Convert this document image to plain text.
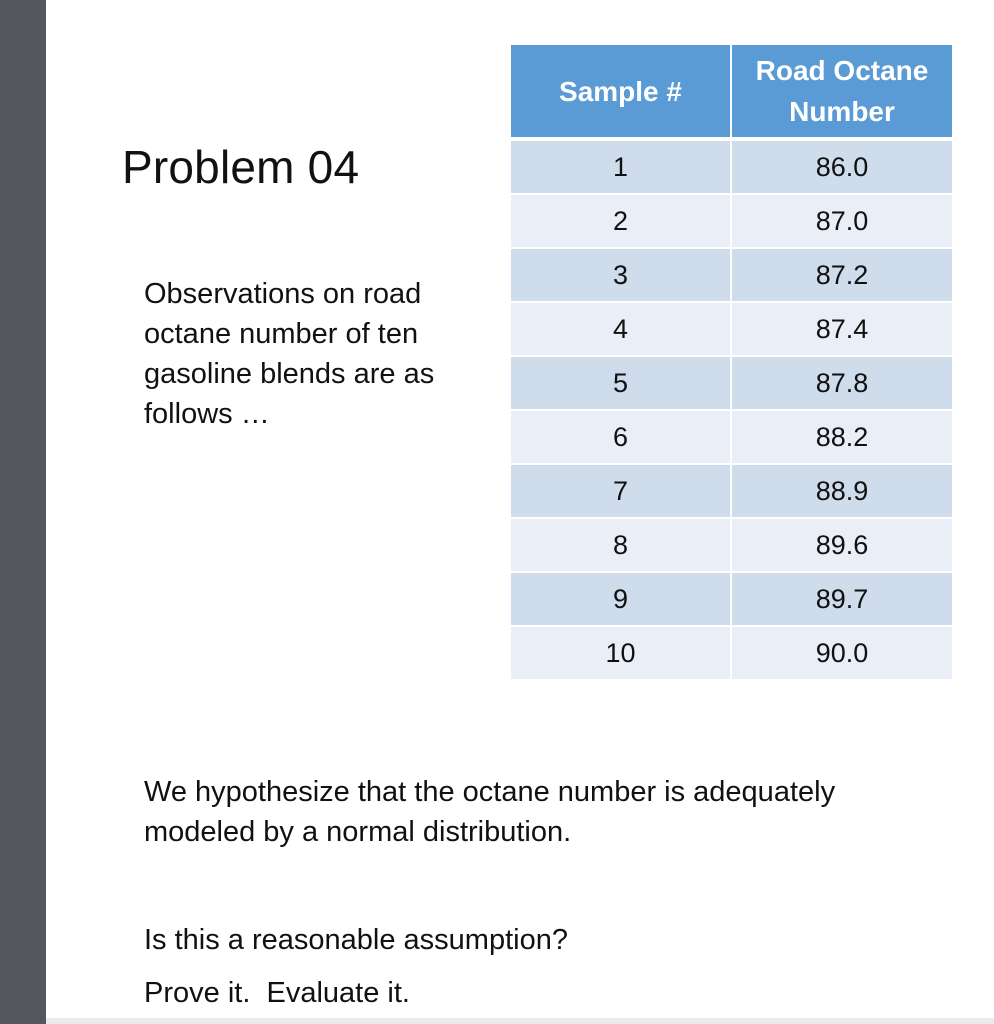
Problem 04
Observations on road octane number of ten gasoline blends are as follows …
Sample #	Road Octane Number
1	86.0
2	87.0
3	87.2
4	87.4
5	87.8
6	88.2
7	88.9
8	89.6
9	89.7
10	90.0
We hypothesize that the octane number is adequately modeled by a normal distribution.
Is this a reasonable assumption?
Prove it.  Evaluate it.
